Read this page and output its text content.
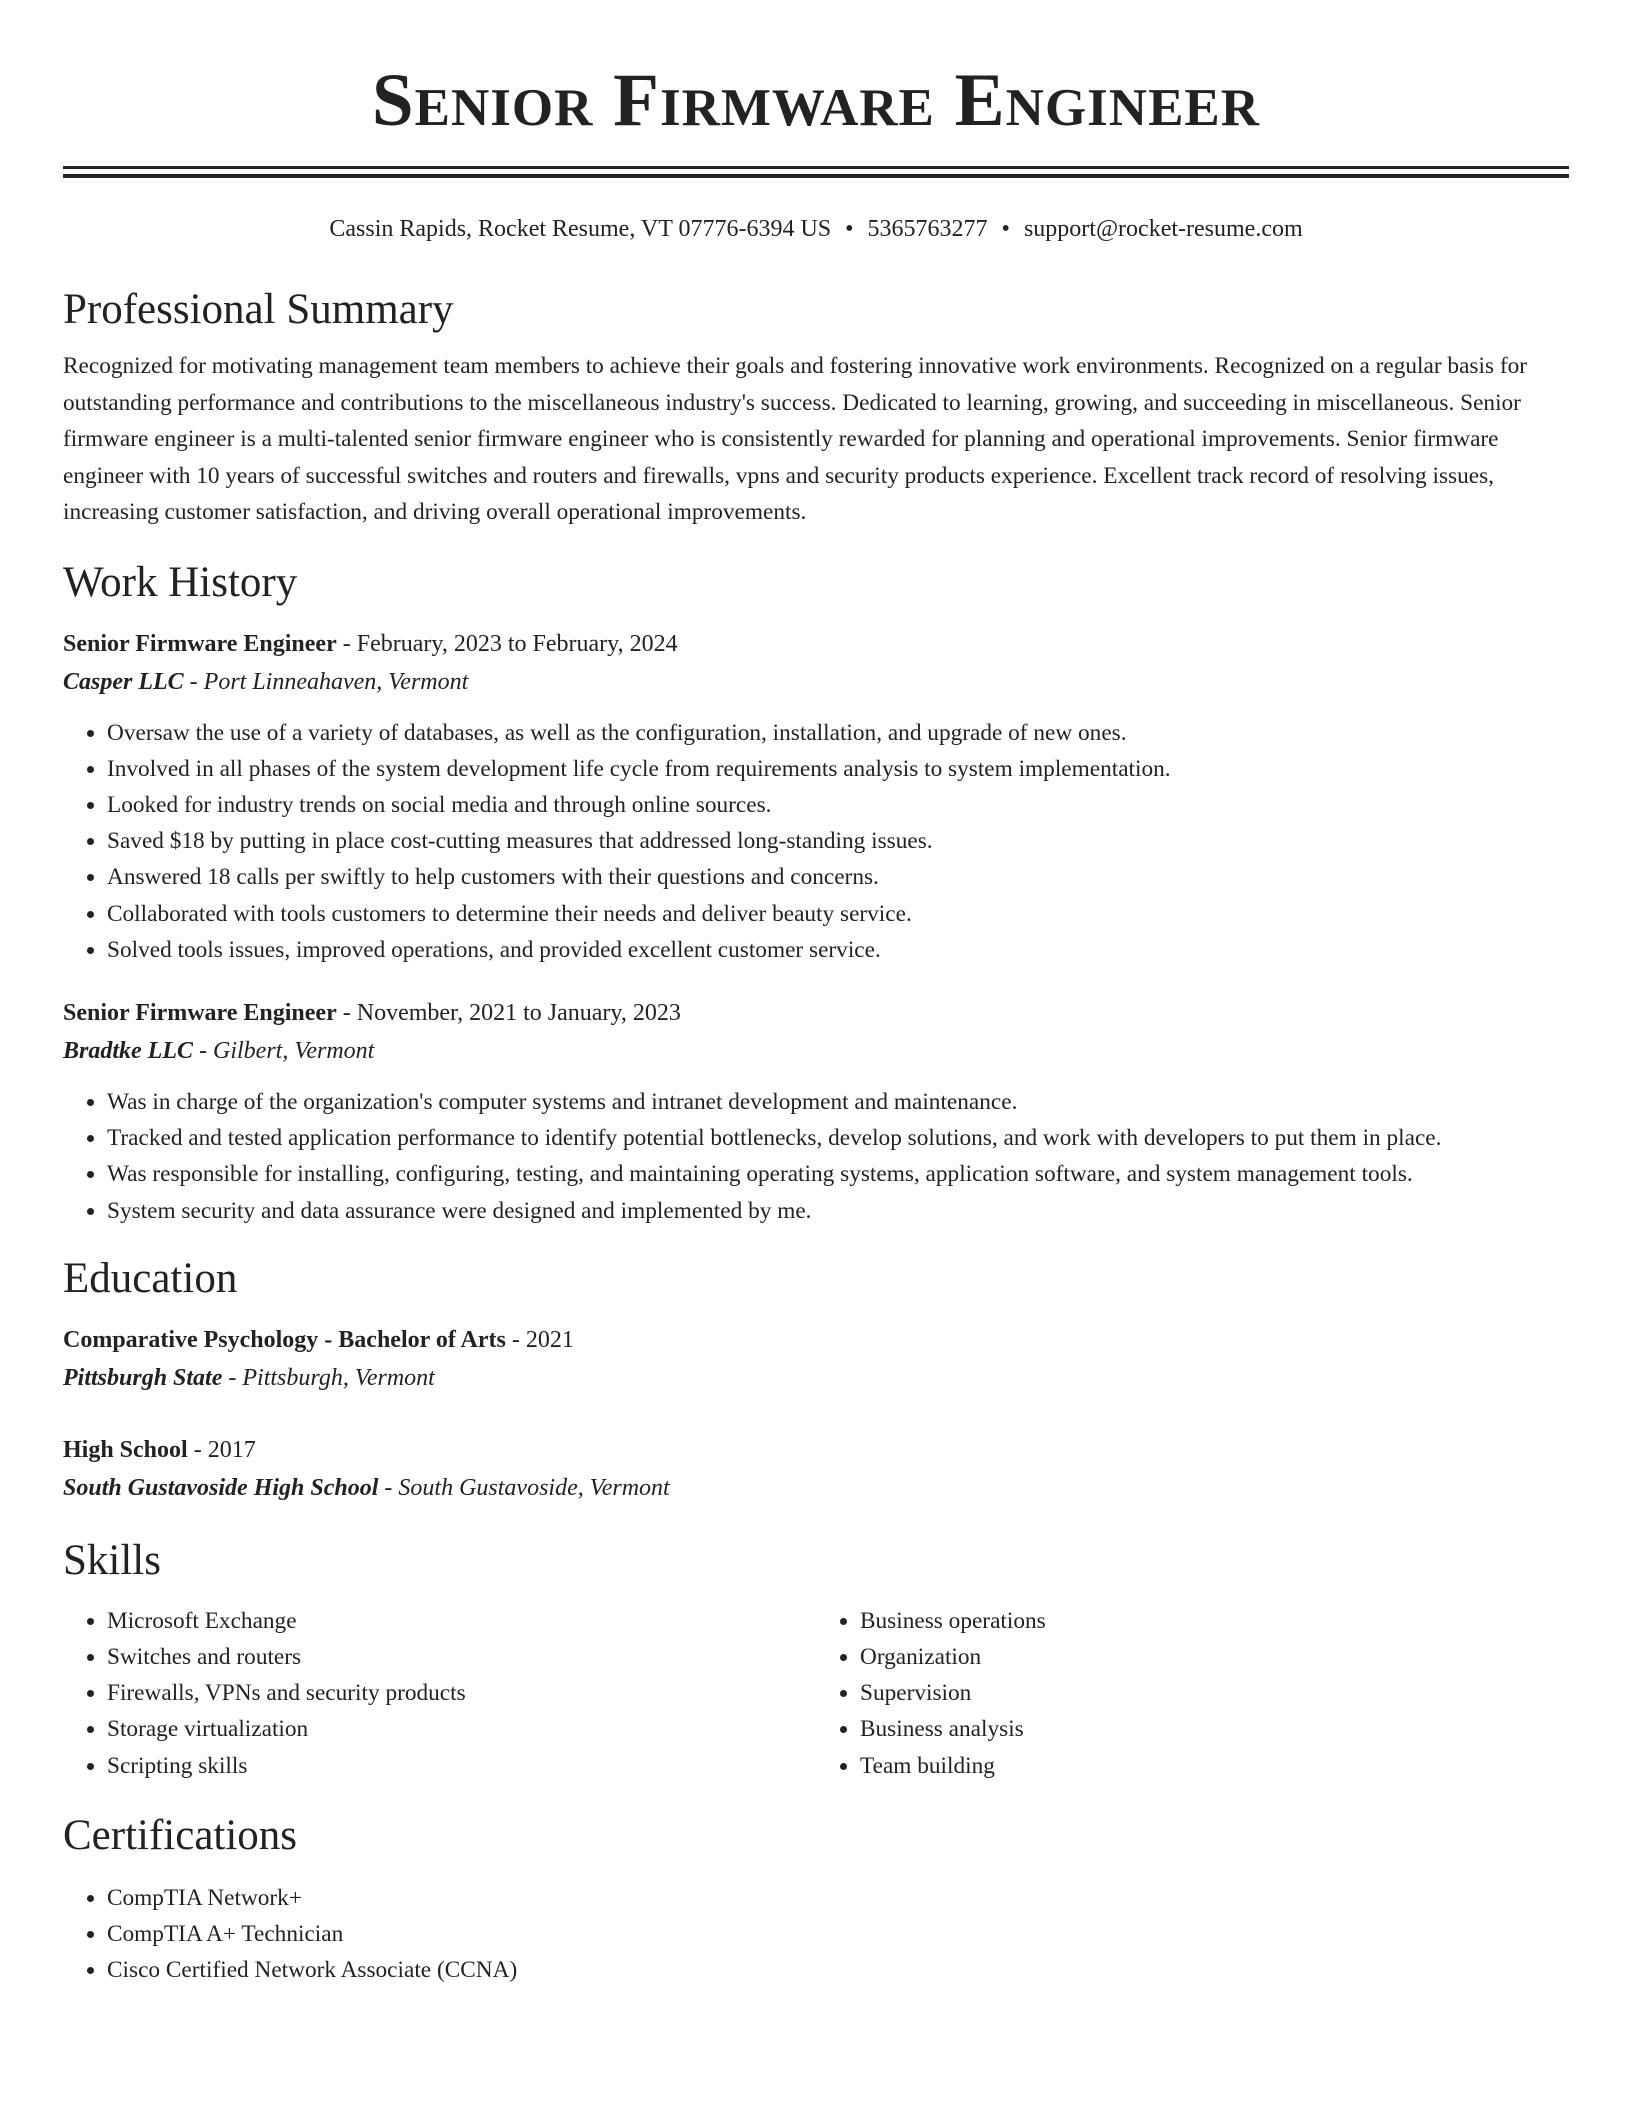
Senior Firmware Engineer
Cassin Rapids, Rocket Resume, VT 07776-6394 US • 5365763277 • support@rocket-resume.com
Professional Summary
Recognized for motivating management team members to achieve their goals and fostering innovative work environments. Recognized on a regular basis for outstanding performance and contributions to the miscellaneous industry's success. Dedicated to learning, growing, and succeeding in miscellaneous. Senior firmware engineer is a multi-talented senior firmware engineer who is consistently rewarded for planning and operational improvements. Senior firmware engineer with 10 years of successful switches and routers and firewalls, vpns and security products experience. Excellent track record of resolving issues, increasing customer satisfaction, and driving overall operational improvements.
Work History
Senior Firmware Engineer - February, 2023 to February, 2024
Casper LLC - Port Linneahaven, Vermont
• Oversaw the use of a variety of databases, as well as the configuration, installation, and upgrade of new ones.
• Involved in all phases of the system development life cycle from requirements analysis to system implementation.
• Looked for industry trends on social media and through online sources.
• Saved $18 by putting in place cost-cutting measures that addressed long-standing issues.
• Answered 18 calls per swiftly to help customers with their questions and concerns.
• Collaborated with tools customers to determine their needs and deliver beauty service.
• Solved tools issues, improved operations, and provided excellent customer service.
Senior Firmware Engineer - November, 2021 to January, 2023
Bradtke LLC - Gilbert, Vermont
• Was in charge of the organization's computer systems and intranet development and maintenance.
• Tracked and tested application performance to identify potential bottlenecks, develop solutions, and work with developers to put them in place.
• Was responsible for installing, configuring, testing, and maintaining operating systems, application software, and system management tools.
• System security and data assurance were designed and implemented by me.
Education
Comparative Psychology - Bachelor of Arts - 2021
Pittsburgh State - Pittsburgh, Vermont
High School - 2017
South Gustavoside High School - South Gustavoside, Vermont
Skills
• Microsoft Exchange
• Switches and routers
• Firewalls, VPNs and security products
• Storage virtualization
• Scripting skills
• Business operations
• Organization
• Supervision
• Business analysis
• Team building
Certifications
• CompTIA Network+
• CompTIA A+ Technician
• Cisco Certified Network Associate (CCNA)
